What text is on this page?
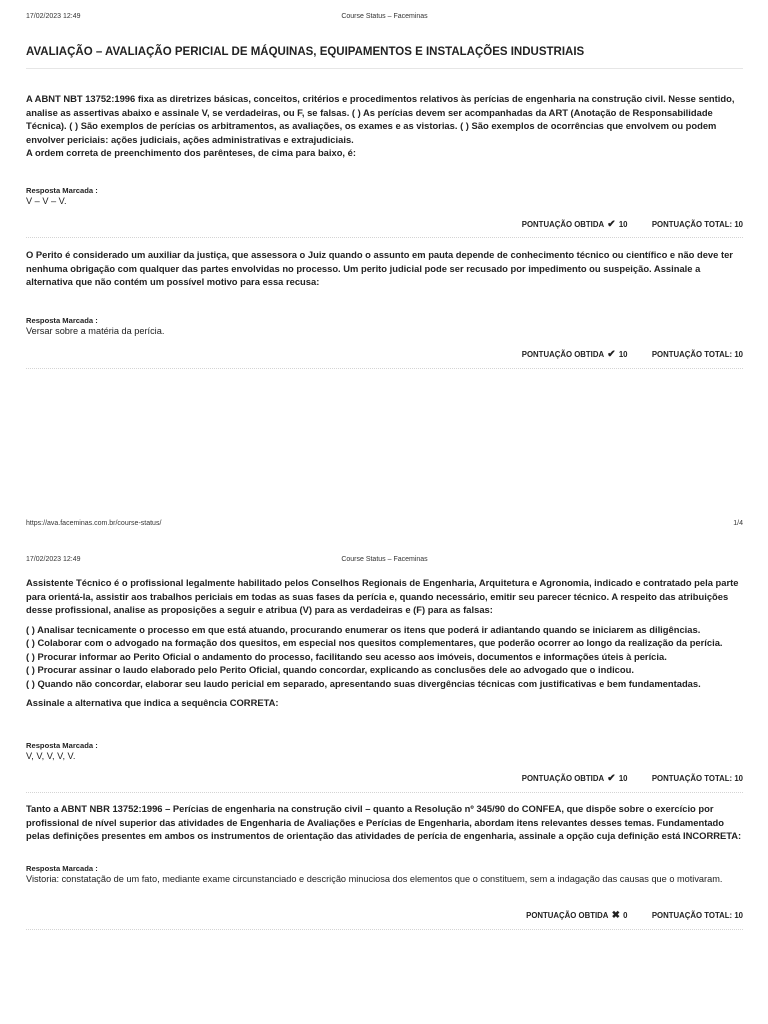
17/02/2023 12:49	Course Status – Faceminas
AVALIAÇÃO – AVALIAÇÃO PERICIAL DE MÁQUINAS, EQUIPAMENTOS E INSTALAÇÕES INDUSTRIAIS

A ABNT NBT 13752:1996 fixa as diretrizes básicas, conceitos, critérios e procedimentos relativos às perícias de engenharia na construção civil. Nesse sentido, analise as assertivas abaixo e assinale V, se verdadeiras, ou F, se falsas. ( ) As perícias devem ser acompanhadas da ART (Anotação de Responsabilidade Técnica). ( ) São exemplos de perícias os arbitramentos, as avaliações, os exames e as vistorias. ( ) São exemplos de ocorrências que envolvem ou podem envolver periciais: ações judiciais, ações administrativas e extrajudiciais.

A ordem correta de preenchimento dos parênteses, de cima para baixo, é:

Resposta Marcada :
V – V – V.
PONTUAÇÃO OBTIDA ✔ 10	PONTUAÇÃO TOTAL: 10

O Perito é considerado um auxiliar da justiça, que assessora o Juiz quando o assunto em pauta depende de conhecimento técnico ou científico e não deve ter nenhuma obrigação com qualquer das partes envolvidas no processo. Um perito judicial pode ser recusado por impedimento ou suspeição. Assinale a alternativa que não contém um possível motivo para essa recusa:

Resposta Marcada :
Versar sobre a matéria da perícia.
PONTUAÇÃO OBTIDA ✔ 10	PONTUAÇÃO TOTAL: 10
https://ava.faceminas.com.br/course-status/	1/4
17/02/2023 12:49	Course Status – Faceminas

Assistente Técnico é o profissional legalmente habilitado pelos Conselhos Regionais de Engenharia, Arquitetura e Agronomia, indicado e contratado pela parte para orientá-la, assistir aos trabalhos periciais em todas as suas fases da perícia e, quando necessário, emitir seu parecer técnico. A respeito das atribuições desse profissional, analise as proposições a seguir e atribua (V) para as verdadeiras e (F) para as falsas:

( ) Analisar tecnicamente o processo em que está atuando, procurando enumerar os itens que poderá ir adiantando quando se iniciarem as diligências.

( ) Colaborar com o advogado na formação dos quesitos, em especial nos quesitos complementares, que poderão ocorrer ao longo da realização da perícia.

( ) Procurar informar ao Perito Oficial o andamento do processo, facilitando seu acesso aos imóveis, documentos e informações úteis à perícia.

( ) Procurar assinar o laudo elaborado pelo Perito Oficial, quando concordar, explicando as conclusões dele ao advogado que o indicou.

( ) Quando não concordar, elaborar seu laudo pericial em separado, apresentando suas divergências técnicas com justificativas e bem fundamentadas.

Assinale a alternativa que indica a sequência CORRETA:

Resposta Marcada :
V, V, V, V, V.
PONTUAÇÃO OBTIDA ✔ 10	PONTUAÇÃO TOTAL: 10

Tanto a ABNT NBR 13752:1996 – Perícias de engenharia na construção civil – quanto a Resolução nº 345/90 do CONFEA, que dispõe sobre o exercício por profissional de nível superior das atividades de Engenharia de Avaliações e Perícias de Engenharia, abordam itens relevantes desses temas. Fundamentado pelas definições presentes em ambos os instrumentos de orientação das atividades de perícia de engenharia, assinale a opção cuja definição está INCORRETA:

Resposta Marcada :
Vistoria: constatação de um fato, mediante exame circunstanciado e descrição minuciosa dos elementos que o constituem, sem a indagação das causas que o motivaram.
PONTUAÇÃO OBTIDA ✖ 0	PONTUAÇÃO TOTAL: 10
